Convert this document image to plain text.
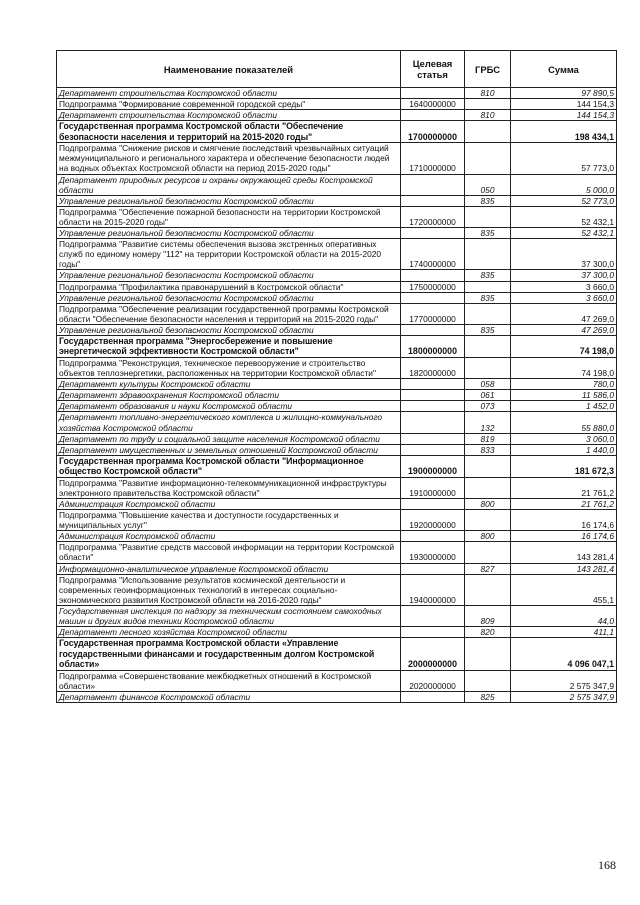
Наименование показателей	Целевая статья	ГРБС	Сумма
Департамент строительства Костромской области		810	97 890,5
Подпрограмма "Формирование современной городской среды"	1640000000		144 154,3
Департамент строительства Костромской области		810	144 154,3
Государственная программа Костромской области "Обеспечение безопасности населения и территорий на 2015-2020 годы"	1700000000		198 434,1
Подпрограмма "Снижение рисков и смягчение последствий чрезвычайных ситуаций межмуниципального и регионального характера и обеспечение безопасности людей на водных объектах Костромской области на период 2015-2020 годы"	1710000000		57 773,0
Департамент природных ресурсов и охраны окружающей среды Костромской области		050	5 000,0
Управление региональной безопасности Костромской области		835	52 773,0
Подпрограмма "Обеспечение пожарной безопасности на территории Костромской области на 2015-2020 годы"	1720000000		52 432,1
Управление региональной безопасности Костромской области		835	52 432,1
Подпрограмма "Развитие системы обеспечения вызова экстренных оперативных служб по единому номеру "112" на территории Костромской области на 2015-2020 годы"	1740000000		37 300,0
Управление региональной безопасности Костромской области		835	37 300,0
Подпрограмма "Профилактика правонарушений в Костромской области"	1750000000		3 660,0
Управление региональной безопасности Костромской области		835	3 660,0
Подпрограмма "Обеспечение реализации государственной программы Костромской области "Обеспечение безопасности населения и территорий на 2015-2020 годы"	1770000000		47 269,0
Управление региональной безопасности Костромской области		835	47 269,0
Государственная программа "Энергосбережение и повышение энергетической эффективности Костромской области"	1800000000		74 198,0
Подпрограмма "Реконструкция, техническое перевооружение и строительство объектов теплоэнергетики, расположенных на территории Костромской области"	1820000000		74 198,0
Департамент культуры Костромской области		058	780,0
Департамент здравоохранения Костромской области		061	11 586,0
Департамент образования и науки Костромской области		073	1 452,0
Департамент топливно-энергетического комплекса и жилищно-коммунального хозяйства Костромской области		132	55 880,0
Департамент по труду и социальной защите населения Костромской области		819	3 060,0
Департамент имущественных и земельных отношений Костромской области		833	1 440,0
Государственная программа Костромской области "Информационное общество Костромской области"	1900000000		181 672,3
Подпрограмма "Развитие информационно-телекоммуникационной инфраструктуры электронного правительства Костромской области"	1910000000		21 761,2
Администрация Костромской области		800	21 761,2
Подпрограмма "Повышение качества и доступности государственных и муниципальных услуг"	1920000000		16 174,6
Администрация Костромской области		800	16 174,6
Подпрограмма "Развитие средств массовой информации на территории Костромской области"	1930000000		143 281,4
Информационно-аналитическое управление Костромской области		827	143 281,4
Подпрограмма "Использование результатов космической деятельности и современных геоинформационных технологий в интересах социально-экономического развития Костромской области на 2016-2020 годы"	1940000000		455,1
Государственная инспекция по надзору за техническим состоянием самоходных машин и других видов техники Костромской области		809	44,0
Департамент лесного хозяйства Костромской области		820	411,1
Государственная программа Костромской области «Управление государственными финансами и государственным долгом Костромской области»	2000000000		4 096 047,1
Подпрограмма «Совершенствование межбюджетных отношений в Костромской области»	2020000000		2 575 347,9
Департамент финансов Костромской области		825	2 575 347,9
168
